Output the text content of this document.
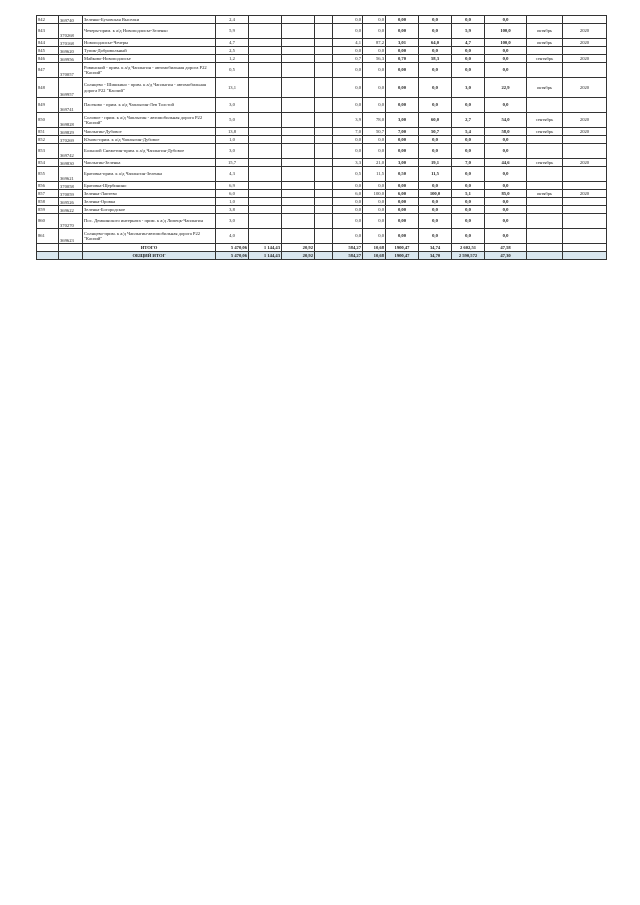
842	369740	Зеленко-Буховская Выселки	2,4				0,0	0,0	0,00	0,0	0,0	0,0		
843	370268	Чечеры-прим. к а/д Новоподлисье-Зеленко	5,9				0,0	0,0	0,00	0,0	5,9	100,0	октябрь	2020
844	370168	Новоподлисье-Чечеры	4,7				4,1	87,2	3,01	64,0	4,7	100,0	октябрь	2020
845	369620	Тупик-Добровольный	2,5				0,0	0,0	0,00	0,0	0,0	0,0		
846	369956	Майково-Новоподлисье	1,2				0,7	56,3	0,70	58,3	0,0	0,0	сентябрь	2020
847	370057	Ровинский - прим. к а/д Чаплыгин - автомобильная дорога Р22 "Каспий"	0,5				0,0	0,0	0,00	0,0	0,0	0,0		
848	369957	Солнцево - Шишкино - прим. к а/д Чаплыгин - автомобильная дорога Р22 "Каспий"	13,1				0,0	0,0	0,00	0,0	3,0	22,9	октябрь	2020
849	369741	Пасеково - прим. к а/д Чаплыгин-Лев Толстой	3,0				0,0	0,0	0,00	0,0	0,0	0,0		
850	369828	Соловое - прим. к а/д Чаплыгин - автомобильная дорога Р22 "Каспий"	5,0				3,9	78,0	3,00	60,0	2,7	54,0	сентябрь	2020
851	369829	Чаплыгин-Дубовое	13,8				7,0	50,7	7,00	50,7	5,4	58,0	сентябрь	2020
852	370269	Юхово-прим. к а/д Чаплыгин-Дубовое	1,0				0,0	0,0	0,00	0,0	0,0	0,0		
853	369742	Большой Снежетин-прим. к а/д Чаплыгин-Дубовое	3,0				0,0	0,0	0,00	0,0	0,0	0,0		
854	369830	Чаплыгин-Зеленка	15,7				3,3	21,0	3,00	19,1	7,0	44,6	сентябрь	2020
855	369621	Братовка-прим. к а/д Чаплыгин-Зеленка	4,3				0,5	11,5	0,50	11,5	0,0	0,0		
856	370058	Братовка-Щербинино	6,9				0,0	0,0	0,00	0,0	0,0	0,0		
857	370059	Зеленка-Лаптево	6,0				6,0	100,0	6,00	100,0	5,1	85,0	октябрь	2020
858	369526	Зеленка-Оровка	1,0				0,0	0,0	0,00	0,0	0,0	0,0		
859	369622	Зеленка-Богородское	3,8				0,0	0,0	0,00	0,0	0,0	0,0		
860	370270	Пос. Демкинского интерната - прим. к а/д Липецк-Чаплыгин	3,0				0,0	0,0	0,00	0,0	0,0	0,0		
861	369623	Солнцево-прим. к а/д Чаплыгин-автомобильная дорога Р22 "Каспий"	4,0				0,0	0,0	0,00	0,0	0,0	0,0		
		ИТОГО	5 470,06	1 144,43	20,92		584,27	10,68	1900,47	34,74	2 602,51	47,58		
		ОБЩИЙ ИТОГ	5 470,06	1 144,43	20,92		584,27	10,68	1900,47	34,70	2 590,572	47,30		
